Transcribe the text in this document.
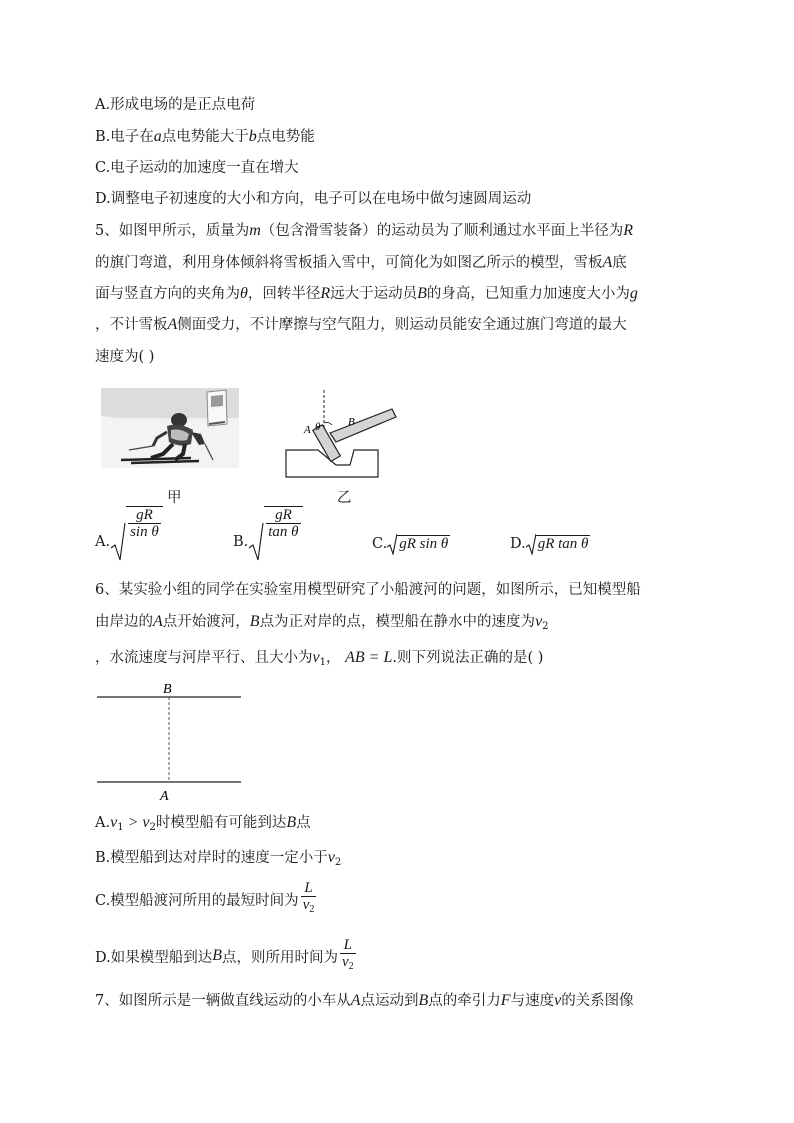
A.形成电场的是正点电荷
B.电子在a点电势能大于b点电势能
C.电子运动的加速度一直在增大
D.调整电子初速度的大小和方向，电子可以在电场中做匀速圆周运动
5、如图甲所示，质量为m（包含滑雪装备）的运动员为了顺利通过水平面上半径为R
的旗门弯道，利用身体倾斜将雪板插入雪中，可简化为如图乙所示的模型，雪板A底
面与竖直方向的夹角为θ，回转半径R远大于运动员B的身高，已知重力加速度大小为g
，不计雪板A侧面受力，不计摩擦与空气阻力，则运动员能安全通过旗门弯道的最大
速度为( )
甲
A θ	B
乙
A.
$\frac{gR}{\text{sin θ}}$
B.
$\frac{gR}{\text{tan θ}}$
C. gR sin θ	D. gR tan θ
6、某实验小组的同学在实验室用模型研究了小船渡河的问题，如图所示，已知模型船
由岸边的A点开始渡河，B点为正对岸的点，模型船在静水中的速度为$v_2$
，水流速度与河岸平行、且大小为$v_1$， AB = L.则下列说法正确的是( )
B
A
$A.v_1 > v_2$时模型船有可能到达B点
B.模型船到达对岸时的速度一定小于$v_2$
C.模型船渡河所用的最短时间为 $\frac{L}{v_2}$
D.如果模型船到达 B 点，则所用时间为 $\frac{L}{v_2}$
7、如图所示是一辆做直线运动的小车从A点运动到B点的牵引力F与速度v的关系图像
